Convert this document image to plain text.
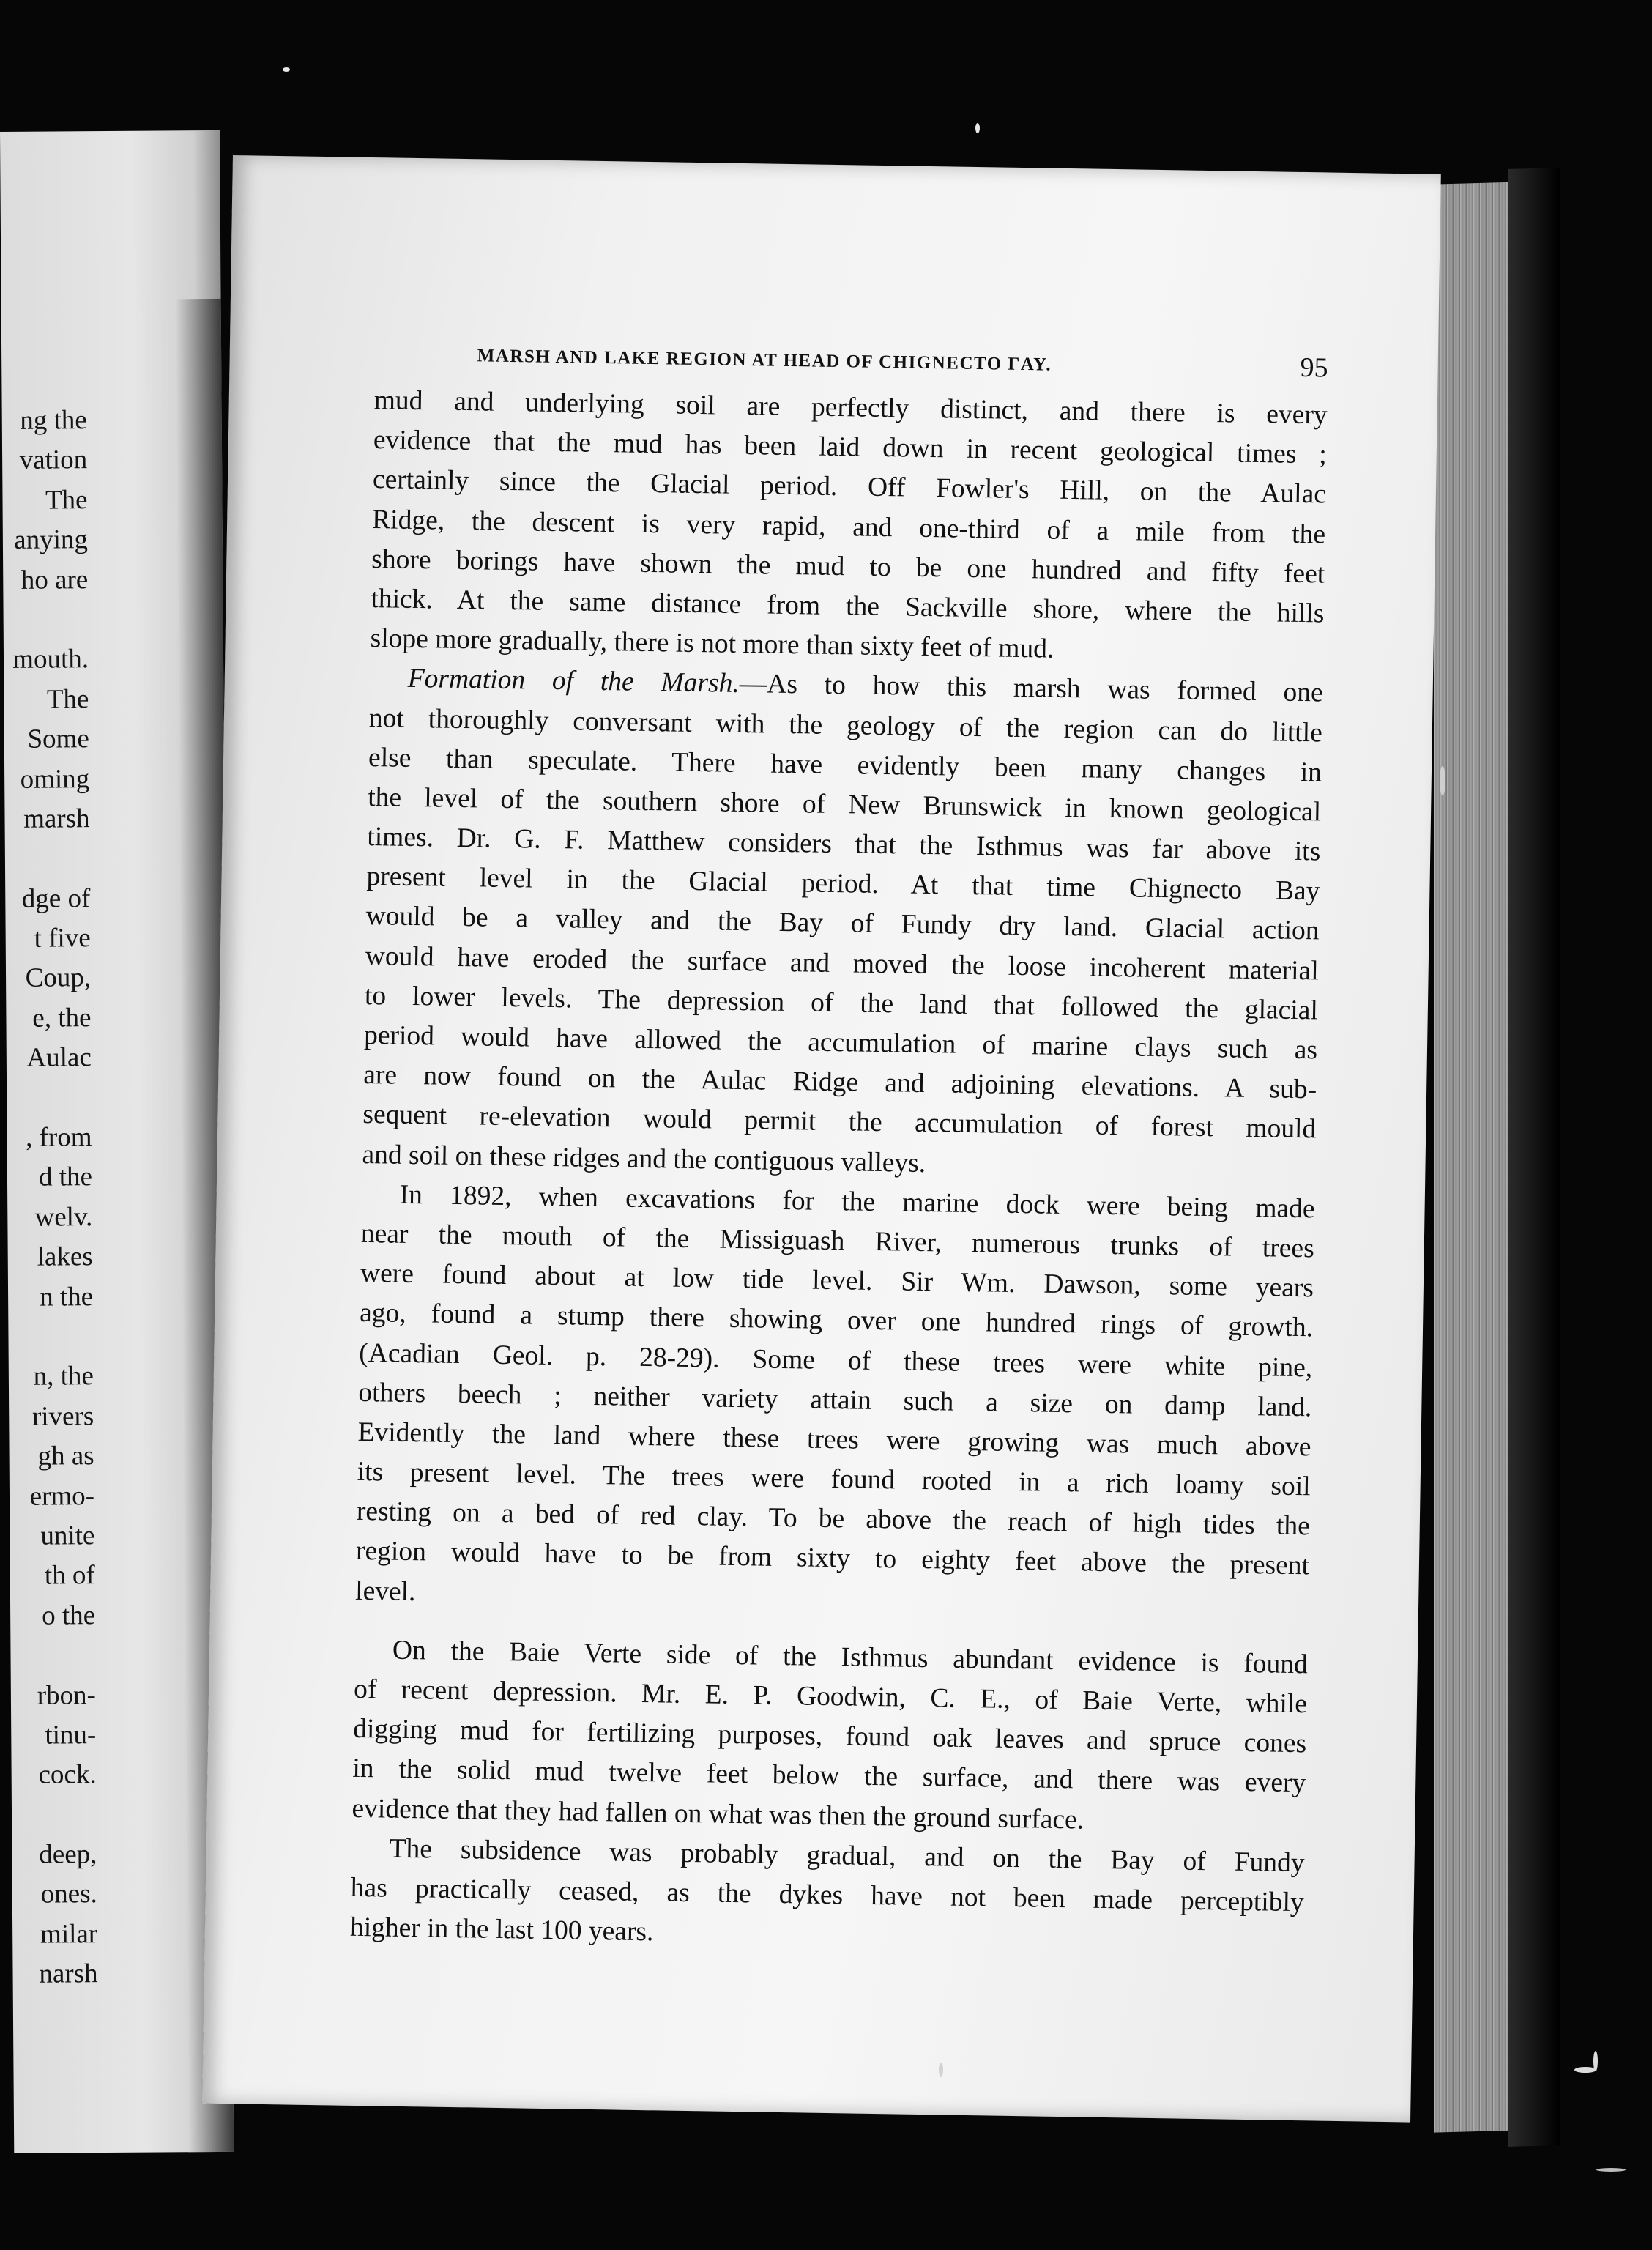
ng the
vation
The
anying
ho are
mouth.
The
Some
oming
marsh
dge of
t five
Coup,
e, the
Aulac
, from
d the
welv.
lakes
n the
n, the
rivers
gh as
ermo-
unite
th of
o the
rbon-
tinu-
cock.
deep,
ones.
milar
narsh
MARSH AND LAKE REGION AT HEAD OF CHIGNECTO ΓAY.	95
mud and underlying soil are perfectly distinct, and there is every
evidence that the mud has been laid down in recent geological times ;
certainly since the Glacial period. Off Fowler's Hill, on the Aulac
Ridge, the descent is very rapid, and one-third of a mile from the
shore borings have shown the mud to be one hundred and fifty feet
thick. At the same distance from the Sackville shore, where the hills
slope more gradually, there is not more than sixty feet of mud.
Formation of the Marsh.—As to how this marsh was formed one
not thoroughly conversant with the geology of the region can do little
else than speculate. There have evidently been many changes in
the level of the southern shore of New Brunswick in known geological
times. Dr. G. F. Matthew considers that the Isthmus was far above its
present level in the Glacial period. At that time Chignecto Bay
would be a valley and the Bay of Fundy dry land. Glacial action
would have eroded the surface and moved the loose incoherent material
to lower levels. The depression of the land that followed the glacial
period would have allowed the accumulation of marine clays such as
are now found on the Aulac Ridge and adjoining elevations. A sub-
sequent re-elevation would permit the accumulation of forest mould
and soil on these ridges and the contiguous valleys.
In 1892, when excavations for the marine dock were being made
near the mouth of the Missiguash River, numerous trunks of trees
were found about at low tide level. Sir Wm. Dawson, some years
ago, found a stump there showing over one hundred rings of growth.
(Acadian Geol. p. 28-29). Some of these trees were white pine,
others beech ; neither variety attain such a size on damp land.
Evidently the land where these trees were growing was much above
its present level. The trees were found rooted in a rich loamy soil
resting on a bed of red clay. To be above the reach of high tides the
region would have to be from sixty to eighty feet above the present
level.
On the Baie Verte side of the Isthmus abundant evidence is found
of recent depression. Mr. E. P. Goodwin, C. E., of Baie Verte, while
digging mud for fertilizing purposes, found oak leaves and spruce cones
in the solid mud twelve feet below the surface, and there was every
evidence that they had fallen on what was then the ground surface.
The subsidence was probably gradual, and on the Bay of Fundy
has practically ceased, as the dykes have not been made perceptibly
higher in the last 100 years.
